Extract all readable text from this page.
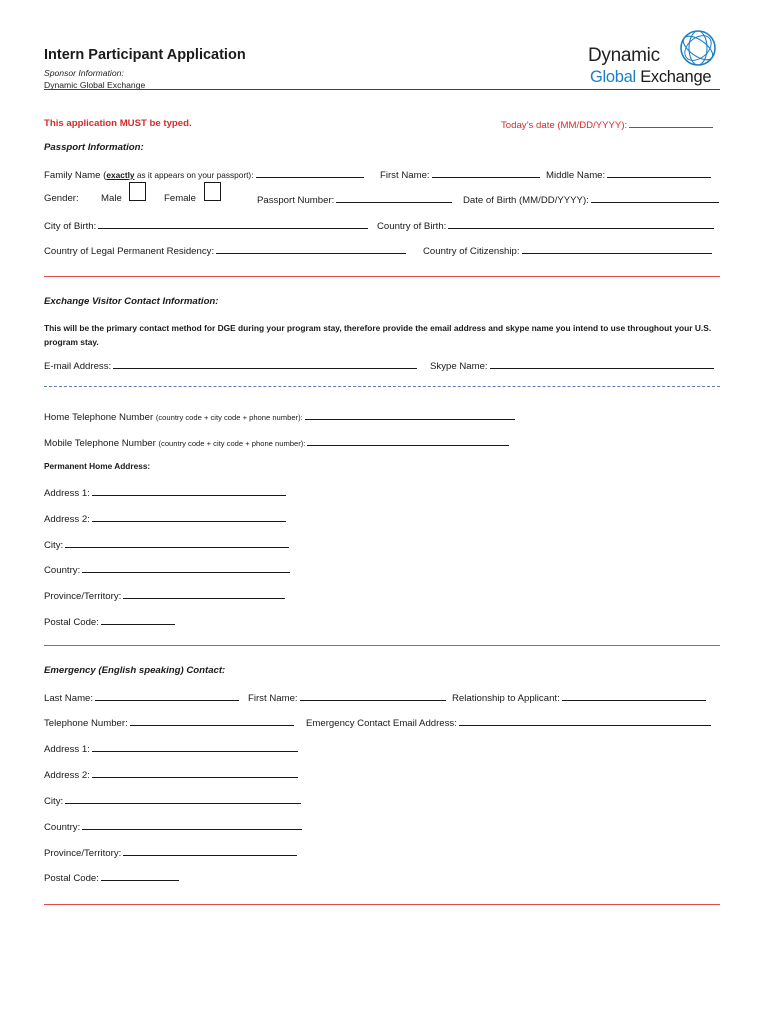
Intern Participant Application
Sponsor Information:
Dynamic Global Exchange
Dynamic
Global Exchange
This application MUST be typed.	Today’s date (MM/DD/YYYY):
Passport Information:
Family Name (exactly as it appears on your passport):	First Name:	Middle Name:
Gender: Male	Female	Passport Number:	Date of Birth (MM/DD/YYYY):
City of Birth:	Country of Birth:
Country of Legal Permanent Residency:	Country of Citizenship:
Exchange Visitor Contact Information:
This will be the primary contact method for DGE during your program stay, therefore provide the email address and skype name you intend to use throughout your U.S. program stay.
E-mail Address:	Skype Name:
Home Telephone Number (country code + city code + phone number):
Mobile Telephone Number (country code + city code + phone number):
Permanent Home Address:
Address 1:
Address 2:
City:
Country:
Province/Territory:
Postal Code:
Emergency (English speaking) Contact:
Last Name:	First Name:	Relationship to Applicant:
Telephone Number:	Emergency Contact Email Address:
Address 1:
Address 2:
City:
Country:
Province/Territory:
Postal Code:
